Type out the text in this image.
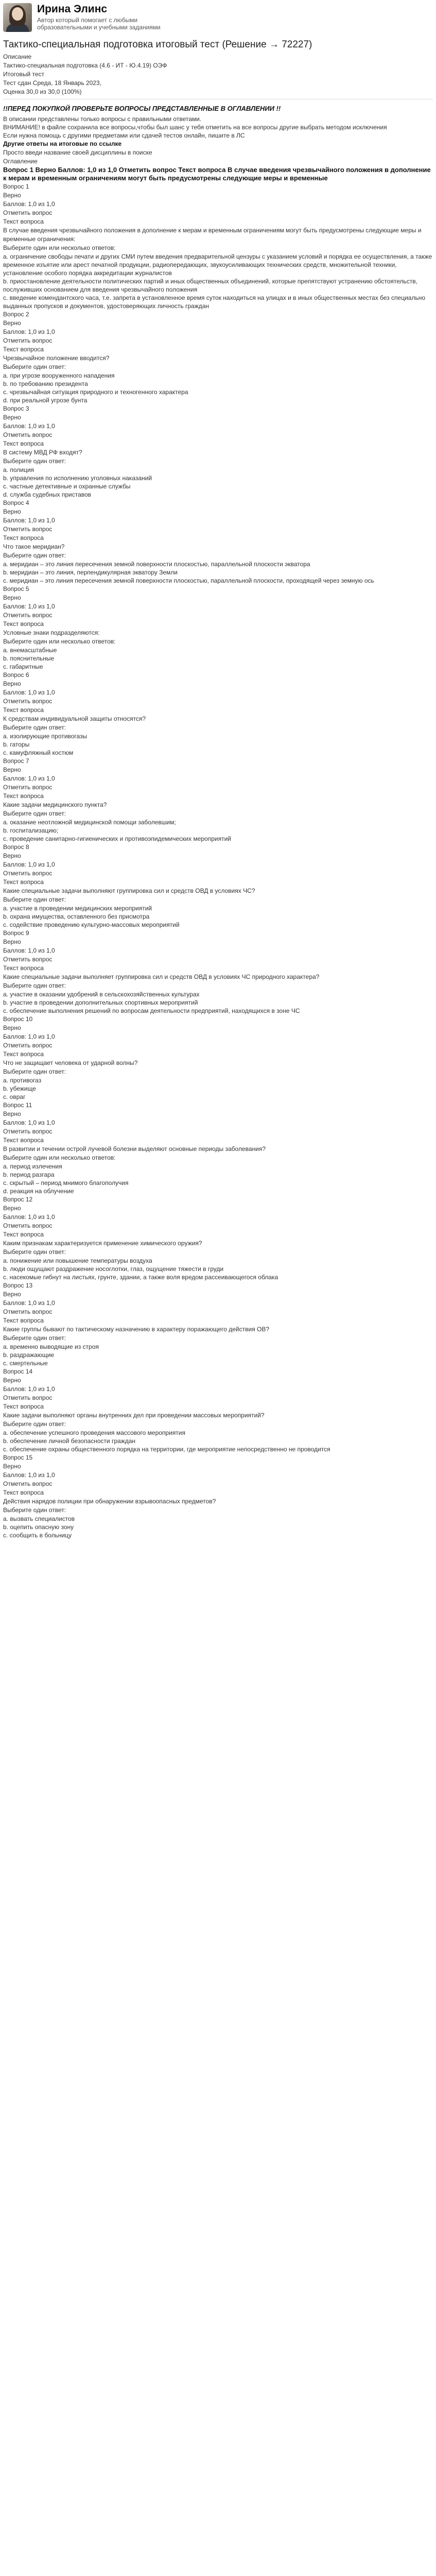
Ирина Элинс
Автор который помогает с любыми образовательными и учебными заданиями
Тактико-специальная подготовка итоговый тест (Решение → 72227)
Описание
Тактико-специальная подготовка (4.6 - ИТ - Ю.4.19) ОЭФ
Итоговый тест
Тест сдан Среда, 18 Январь 2023,
Оценка 30,0 из 30,0 (100%)
!!ПЕРЕД ПОКУПКОЙ ПРОВЕРЬТЕ ВОПРОСЫ ПРЕДСТАВЛЕННЫЕ В ОГЛАВЛЕНИИ !!
В описании представлены только вопросы с правильными ответами.
ВНИМАНИЕ! в файле сохранила все вопросы,чтобы был шанс у тебя отметить на все вопросы другие выбрать методом исключения
Если нужна помощь с другими предметами или сдачей тестов онлайн, пишите в ЛС
Другие ответы на итоговые по ссылке
Просто введи название своей дисциплины в поиске
Оглавление
Вопрос 1 Верно Баллов: 1,0 из 1,0 Отметить вопрос Текст вопроса В случае введения чрезвычайного положения в дополнение к мерам и временным ограничениям могут быть предусмотрены следующие меры и временные
Вопрос 1
Верно
Баллов: 1,0 из 1,0
Отметить вопрос
Текст вопроса
В случае введения чрезвычайного положения в дополнение к мерам и временным ограничениям могут быть предусмотрены следующие меры и временные ограничения:
Выберите один или несколько ответов:
a. ограничение свободы печати и других СМИ путем введения предварительной цензуры с указанием условий и порядка ее осуществления, а также временное изъятие или арест печатной продукции, радиопередающих, звукоусиливающих технических средств, множительной техники, установление особого порядка аккредитации журналистов
b. приостановление деятельности политических партий и иных общественных объединений, которые препятствуют устранению обстоятельств, послуживших основанием для введения чрезвычайного положения
c. введение комендантского часа, т.е. запрета в установленное время суток находиться на улицах и в иных общественных местах без специально выданных пропусков и документов, удостоверяющих личность граждан
Вопрос 2
Верно
Баллов: 1,0 из 1,0
Отметить вопрос
Текст вопроса
Чрезвычайное положение вводится?
Выберите один ответ:
a. при угрозе вооруженного нападения
b. по требованию президента
c. чрезвычайная ситуация природного и техногенного характера
d. при реальной угрозе бунта
Вопрос 3
Верно
Баллов: 1,0 из 1,0
Отметить вопрос
Текст вопроса
В систему МВД РФ входят?
Выберите один ответ:
a. полиция
b. управления по исполнению уголовных наказаний
c. частные детективные и охранные службы
d. служба судебных приставов
Вопрос 4
Верно
Баллов: 1,0 из 1,0
Отметить вопрос
Текст вопроса
Что такое меридиан?
Выберите один ответ:
a. меридиан – это линия пересечения земной поверхности плоскостью, параллельной плоскости экватора
b. меридиан – это линия, перпендикулярная экватору Земли
c. меридиан – это линия пересечения земной поверхности плоскостью, параллельной плоскости, проходящей через земную ось
Вопрос 5
Верно
Баллов: 1,0 из 1,0
Отметить вопрос
Текст вопроса
Условные знаки подразделяются:
Выберите один или несколько ответов:
a. внемасштабные
b. пояснительные
c. габаритные
Вопрос 6
Верно
Баллов: 1,0 из 1,0
Отметить вопрос
Текст вопроса
К средствам индивидуальной защиты относятся?
Выберите один ответ:
a. изолирующие противогазы
b. гаторы
c. камуфляжный костюм
Вопрос 7
Верно
Баллов: 1,0 из 1,0
Отметить вопрос
Текст вопроса
Какие задачи медицинского пункта?
Выберите один ответ:
a. оказание неотложной медицинской помощи заболевшим;
b. госпитализацию;
c. проведение санитарно-гигиенических и противоэпидемических мероприятий
Вопрос 8
Верно
Баллов: 1,0 из 1,0
Отметить вопрос
Текст вопроса
Какие специальные задачи выполняют группировка сил и средств ОВД в условиях ЧС?
Выберите один ответ:
a. участие в проведении медицинских мероприятий
b. охрана имущества, оставленного без присмотра
c. содействие проведению культурно-массовых мероприятий
Вопрос 9
Верно
Баллов: 1,0 из 1,0
Отметить вопрос
Текст вопроса
Какие специальные задачи выполняет группировка сил и средств ОВД в условиях ЧС природного характера?
Выберите один ответ:
a. участие в оказании удобрений в сельскохозяйственных культурах
b. участие в проведении дополнительных спортивных мероприятий
c. обеспечение выполнения решений по вопросам деятельности предприятий, находящихся в зоне ЧС
Вопрос 10
Верно
Баллов: 1,0 из 1,0
Отметить вопрос
Текст вопроса
Что не защищает человека от ударной волны?
Выберите один ответ:
a. противогаз
b. убежище
c. овраг
Вопрос 11
Верно
Баллов: 1,0 из 1,0
Отметить вопрос
Текст вопроса
В развитии и течении острой лучевой болезни выделяют основные периоды заболевания?
Выберите один или несколько ответов:
a. период излечения
b. период разгара
c. скрытый – период мнимого благополучия
d. реакция на облучение
Вопрос 12
Верно
Баллов: 1,0 из 1,0
Отметить вопрос
Текст вопроса
Каким признакам характеризуется применение химического оружия?
Выберите один ответ:
a. понижение или повышение температуры воздуха
b. люди ощущают раздражение носоглотки, глаз, ощущение тяжести в груди
c. насекомые гибнут на листьях, грунте, здании, а также воля вредом рассеивающегося облака
Вопрос 13
Верно
Баллов: 1,0 из 1,0
Отметить вопрос
Текст вопроса
Какие группы бывают по тактическому назначению в характеру поражающего действия ОВ?
Выберите один ответ:
a. временно выводящие из строя
b. раздражающие
c. смертельные
Вопрос 14
Верно
Баллов: 1,0 из 1,0
Отметить вопрос
Текст вопроса
Какие задачи выполняют органы внутренних дел при проведении массовых мероприятий?
Выберите один ответ:
a. обеспечение успешного проведения массового мероприятия
b. обеспечение личной безопасности граждан
c. обеспечение охраны общественного порядка на территории, где мероприятие непосредственно не проводится
Вопрос 15
Верно
Баллов: 1,0 из 1,0
Отметить вопрос
Текст вопроса
Действия нарядов полиции при обнаружении взрывоопасных предметов?
Выберите один ответ:
a. вызвать специалистов
b. оцепить опасную зону
c. сообщить в больницу
